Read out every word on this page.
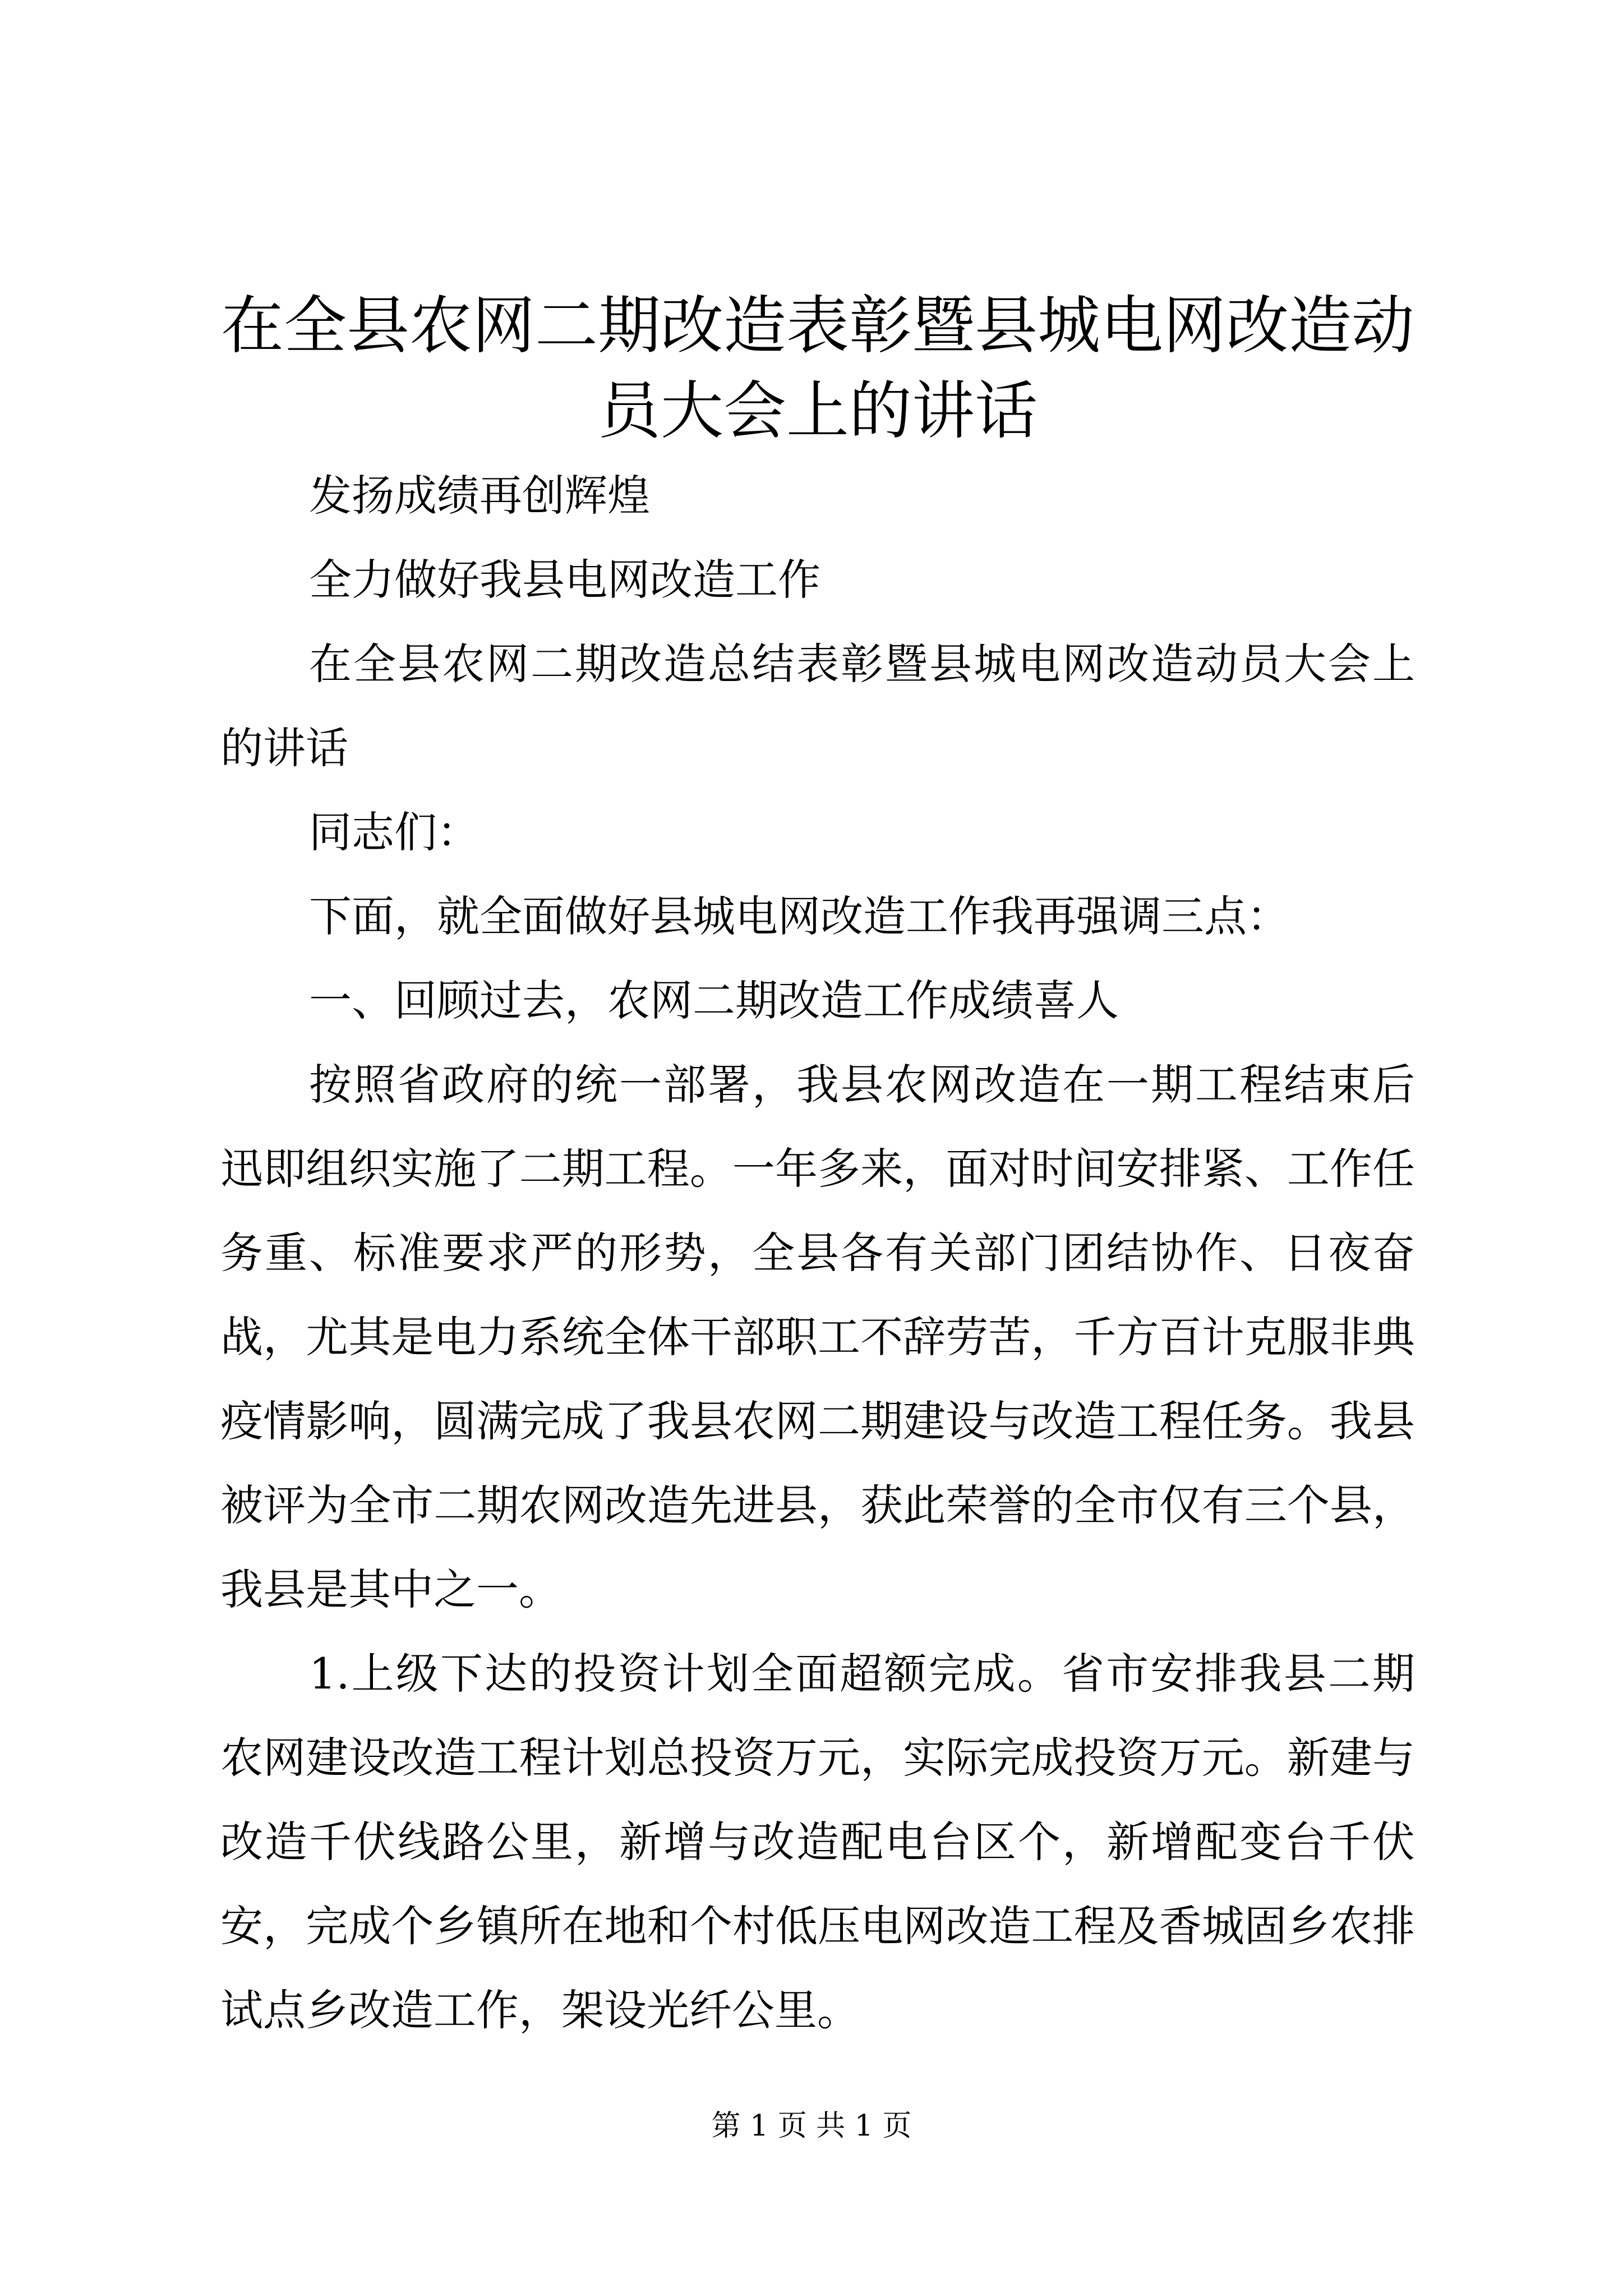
在全县农网二期改造表彰暨县城电网改造动员大会上的讲话

发扬成绩再创辉煌

全力做好我县电网改造工作

在全县农网二期改造总结表彰暨县城电网改造动员大会上的讲话

同志们：

下面，就全面做好县城电网改造工作我再强调三点：

一、回顾过去，农网二期改造工作成绩喜人

按照省政府的统一部署，我县农网改造在一期工程结束后迅即组织实施了二期工程。一年多来，面对时间安排紧、工作任务重、标准要求严的形势，全县各有关部门团结协作、日夜奋战，尤其是电力系统全体干部职工不辞劳苦，千方百计克服非典疫情影响，圆满完成了我县农网二期建设与改造工程任务。我县被评为全市二期农网改造先进县，获此荣誉的全市仅有三个县，我县是其中之一。

1.上级下达的投资计划全面超额完成。省市安排我县二期农网建设改造工程计划总投资万元，实际完成投资万元。新建与改造千伏线路公里，新增与改造配电台区个，新增配变台千伏安，完成个乡镇所在地和个村低压电网改造工程及香城固乡农排试点乡改造工作，架设光纤公里。

第 1 页 共 1 页
